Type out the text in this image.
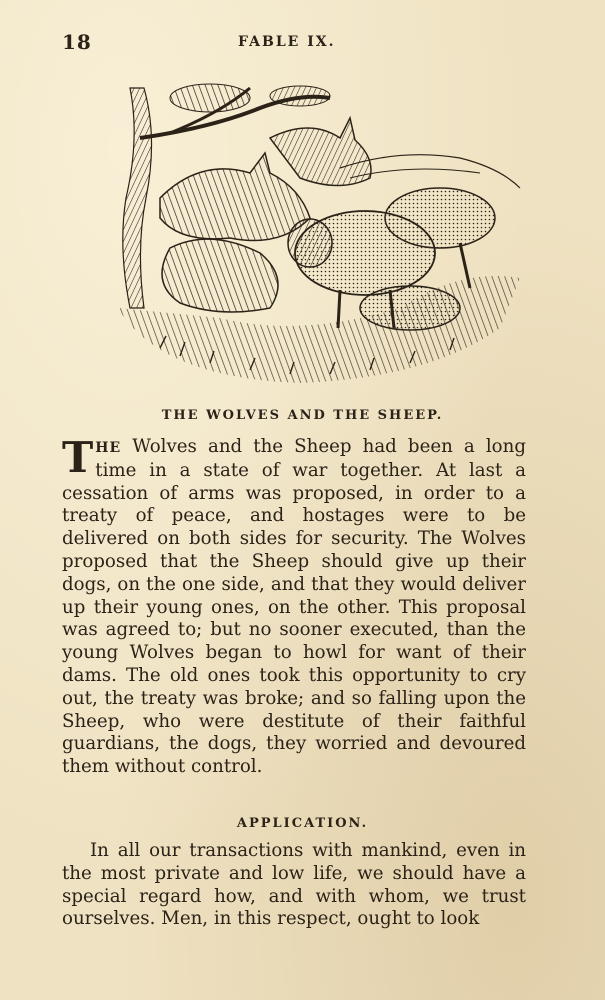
18	FABLE IX.
THE WOLVES AND THE SHEEP.
THE Wolves and the Sheep had been a long time in a state of war together. At last a cessation of arms was proposed, in order to a treaty of peace, and hostages were to be delivered on both sides for security. The Wolves proposed that the Sheep should give up their dogs, on the one side, and that they would deliver up their young ones, on the other. This proposal was agreed to; but no sooner executed, than the young Wolves began to howl for want of their dams. The old ones took this opportunity to cry out, the treaty was broke; and so falling upon the Sheep, who were destitute of their faithful guardians, the dogs, they worried and devoured them without control.
APPLICATION.
In all our transactions with mankind, even in the most private and low life, we should have a special regard how, and with whom, we trust ourselves. Men, in this respect, ought to look
